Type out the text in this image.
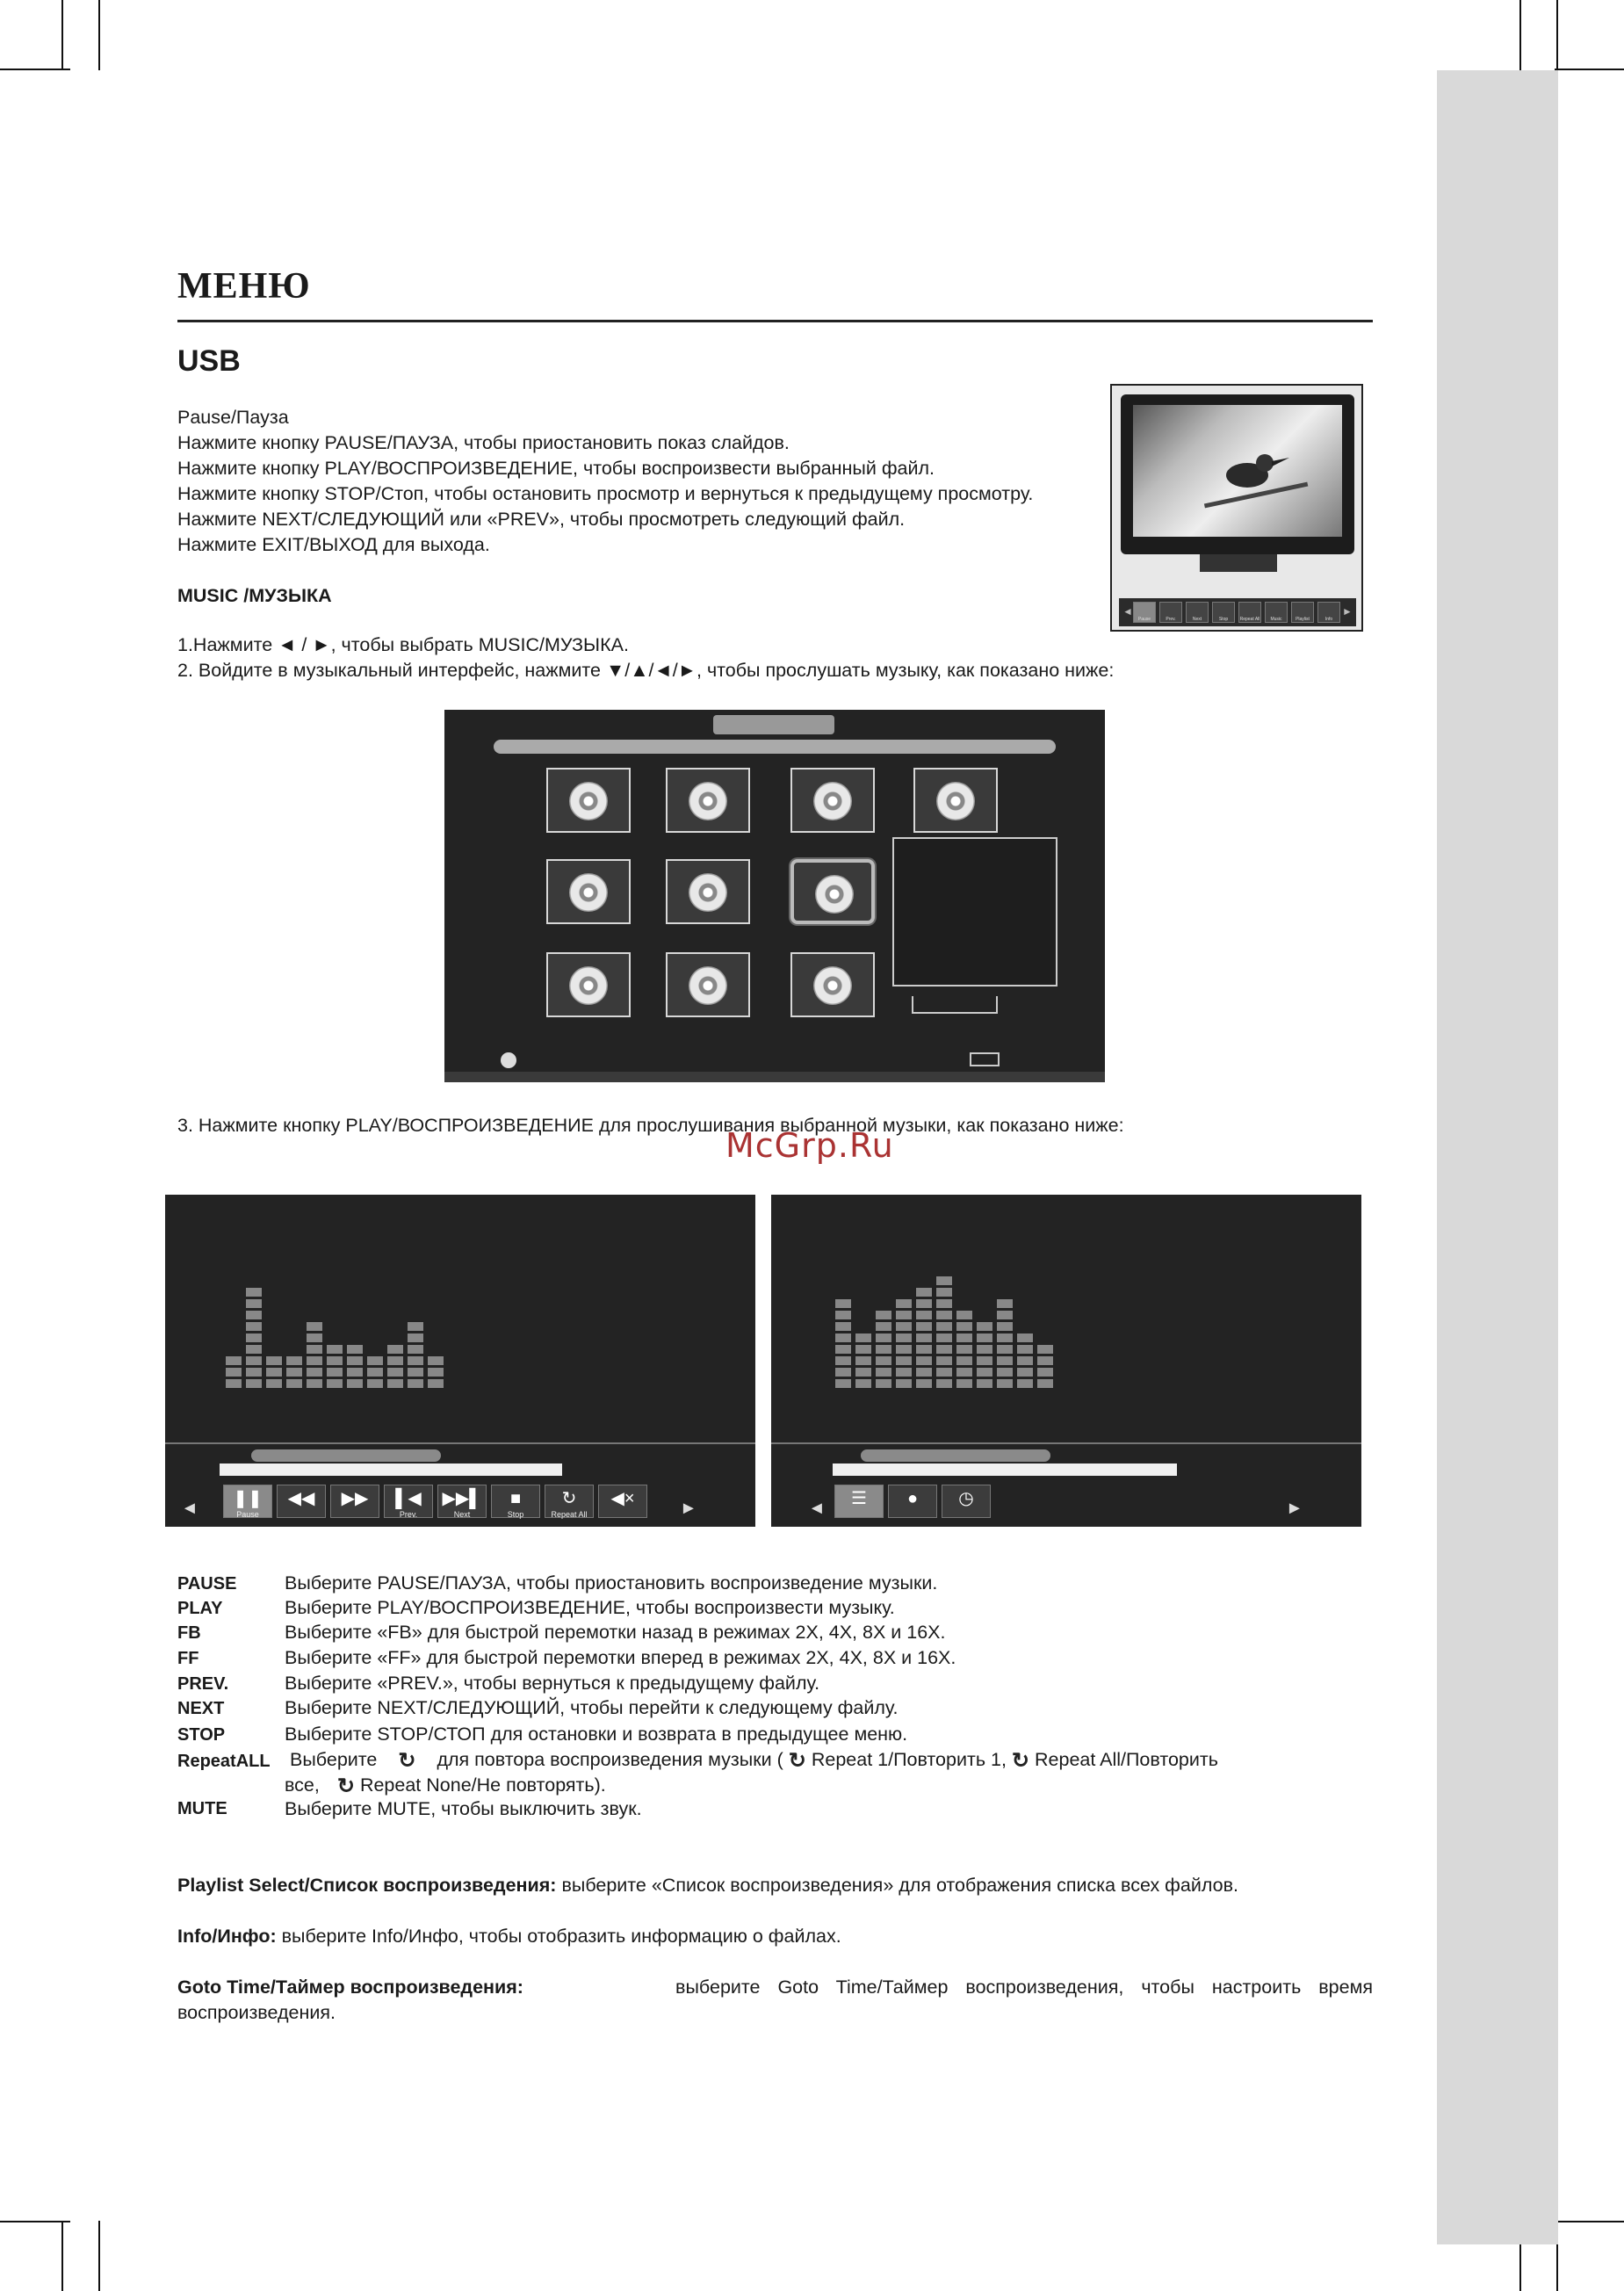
МЕНЮ
USB
Pause/Пауза
Нажмите кнопку PAUSE/ПАУЗА, чтобы приостановить показ слайдов.
Нажмите кнопку PLAY/ВОСПРОИЗВЕДЕНИЕ, чтобы воспроизвести выбранный файл.
Нажмите кнопку STOP/Стоп, чтобы остановить просмотр и вернуться к предыдущему просмотру.
Нажмите NEXT/СЛЕДУЮЩИЙ или «PREV», чтобы просмотреть следующий файл.
Нажмите EXIT/ВЫХОД для выхода.
◄
Pause	Prev.	Next	Stop	Repeat All	Music	Playlist	Info
►
MUSIC /МУЗЫКА
1.Нажмите ◄ / ►, чтобы выбрать MUSIC/МУЗЫКА.
2. Войдите в музыкальный интерфейс, нажмите ▼/▲/◄/►, чтобы прослушать музыку, как показано ниже:
3. Нажмите кнопку PLAY/ВОСПРОИЗВЕДЕНИЕ для прослушивания выбранной музыки, как показано ниже:
McGrp.Ru
◄	❚❚
Pause
◀◀	▶▶	▌◀
Prev.
▶▶▌
Next
■
Stop
↻
Repeat All
◀×	►	◄	☰	●	◷	►
PAUSE	Выберите PAUSE/ПАУЗА, чтобы приостановить воспроизведение музыки.
PLAY	Выберите PLAY/ВОСПРОИЗВЕДЕНИЕ, чтобы воспроизвести музыку.
FB	Выберите «FB» для быстрой перемотки назад в режимах 2X, 4X, 8X и 16X.
FF	Выберите «FF» для быстрой перемотки вперед в режимах 2X, 4X, 8X и 16X.
PREV.	Выберите «PREV.», чтобы вернуться к предыдущему файлу.
NEXT	Выберите NEXT/СЛЕДУЮЩИЙ, чтобы перейти к следующему файлу.
STOP	Выберите STOP/СТОП для остановки и возврата в предыдущее меню.
RepeatALL Выберите ↻ для повтора воспроизведения музыки ( ↻ Repeat 1/Повторить 1, ↻ Repeat All/Повторить
все, ↻ Repeat None/Не повторять).
MUTE	Выберите MUTE, чтобы выключить звук.
Playlist Select/Список воспроизведения: выберите «Список воспроизведения» для отображения списка всех файлов.
Info/Инфо: выберите Info/Инфо, чтобы отобразить информацию о файлах.
Goto Time/Таймер воспроизведения:	выберите Goto Time/Таймер воспроизведения, чтобы настроить время
воспроизведения.
